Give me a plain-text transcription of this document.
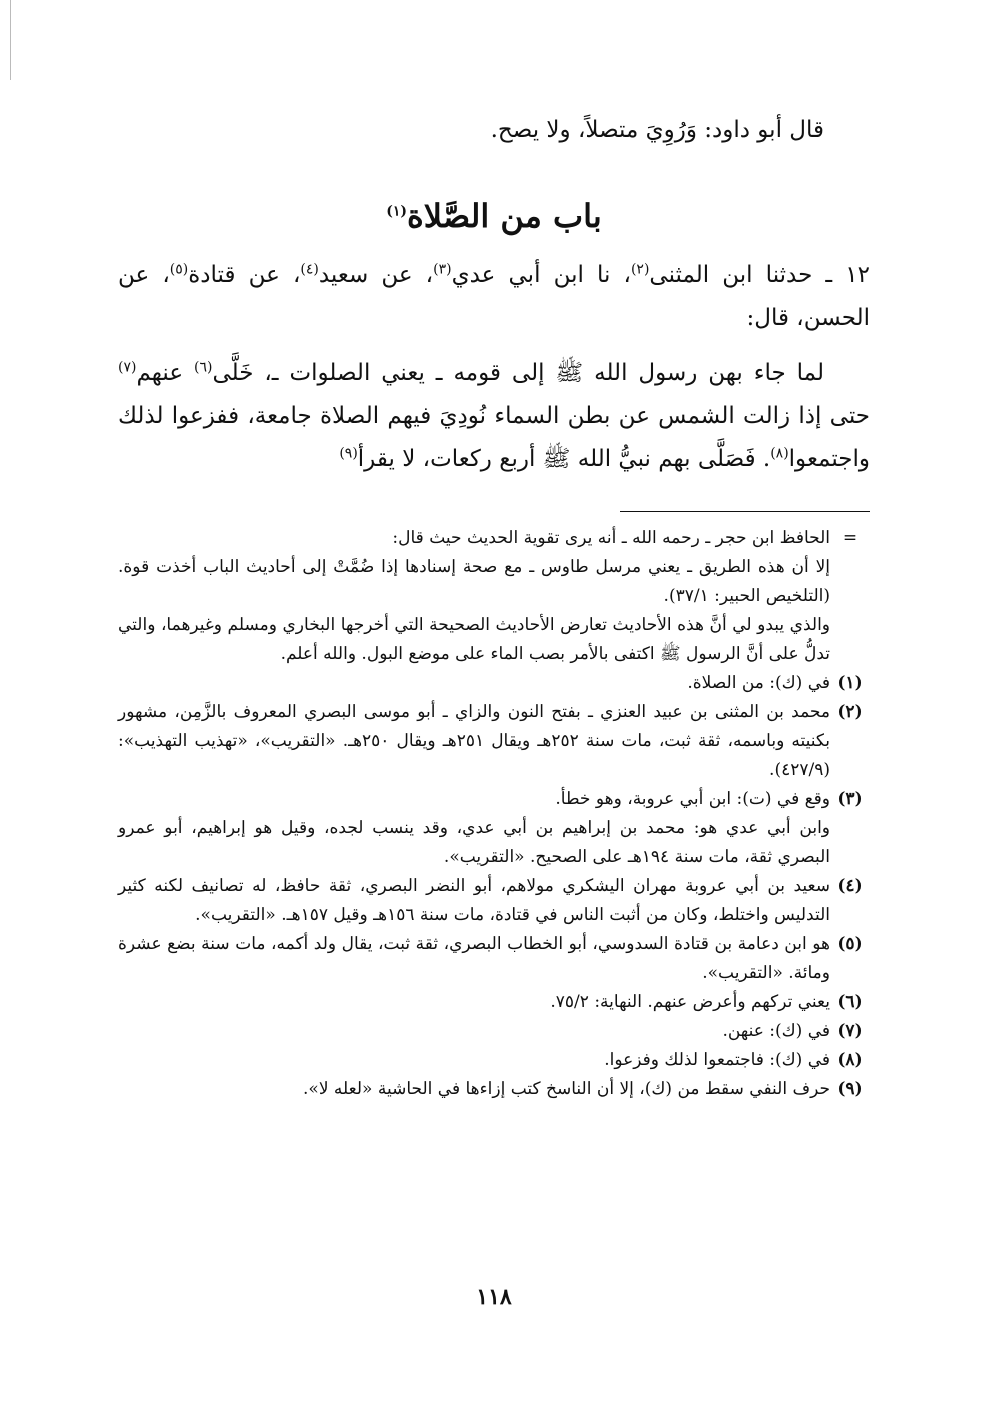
قال أبو داود: وَرُوِيَ متصلاً، ولا يصح.

باب من الصَّلاة$^{(١)}$

١٢ ـ حدثنا ابن المثنى$^{(٢)}$، نا ابن أبي عدي$^{(٣)}$، عن سعيد$^{(٤)}$، عن قتادة$^{(٥)}$، عن الحسن، قال:

لما جاء بهن رسول الله ﷺ إلى قومه ـ يعني الصلوات ـ، خَلَّى$^{(٦)}$ عنهم$^{(٧)}$ حتى إذا زالت الشمس عن بطن السماء نُودِيَ فيهم الصلاة جامعة، ففزعوا لذلك واجتمعوا$^{(٨)}$. فَصَلَّى بهم نبيُّ الله ﷺ أربع ركعات، لا يقرأ$^{(٩)}$

=
الحافظ ابن حجر ـ رحمه الله ـ أنه يرى تقوية الحديث حيث قال:
إلا أن هذه الطريق ـ يعني مرسل طاوس ـ مع صحة إسنادها إذا ضُمَّتْ إلى أحاديث الباب أخذت قوة. (التلخيص الحبير: ٣٧/١).
والذي يبدو لي أنَّ هذه الأحاديث تعارض الأحاديث الصحيحة التي أخرجها البخاري ومسلم وغيرهما، والتي تدلُّ على أنَّ الرسول ﷺ اكتفى بالأمر بصب الماء على موضع البول. والله أعلم.
(١)
في (ك): من الصلاة.
(٢)
محمد بن المثنى بن عبيد العنزي ـ بفتح النون والزاي ـ أبو موسى البصري المعروف بالزَّمِن، مشهور بكنيته وباسمه، ثقة ثبت، مات سنة ٢٥٢هـ ويقال ٢٥١هـ ويقال ٢٥٠هـ. «التقريب»، «تهذيب التهذيب»: (٤٢٧/٩).
(٣)
وقع في (ت): ابن أبي عروبة، وهو خطأ.
وابن أبي عدي هو: محمد بن إبراهيم بن أبي عدي، وقد ينسب لجده، وقيل هو إبراهيم، أبو عمرو البصري ثقة، مات سنة ١٩٤هـ على الصحيح. «التقريب».
(٤)
سعيد بن أبي عروبة مهران اليشكري مولاهم، أبو النضر البصري، ثقة حافظ، له تصانيف لكنه كثير التدليس واختلط، وكان من أثبت الناس في قتادة، مات سنة ١٥٦هـ وقيل ١٥٧هـ. «التقريب».
(٥)
هو ابن دعامة بن قتادة السدوسي، أبو الخطاب البصري، ثقة ثبت، يقال ولد أكمه، مات سنة بضع عشرة ومائة. «التقريب».
(٦)
يعني تركهم وأعرض عنهم. النهاية: ٧٥/٢.
(٧)
في (ك): عنهن.
(٨)
في (ك): فاجتمعوا لذلك وفزعوا.
(٩)
حرف النفي سقط من (ك)، إلا أن الناسخ كتب إزاءها في الحاشية «لعله لا».
١١٨
